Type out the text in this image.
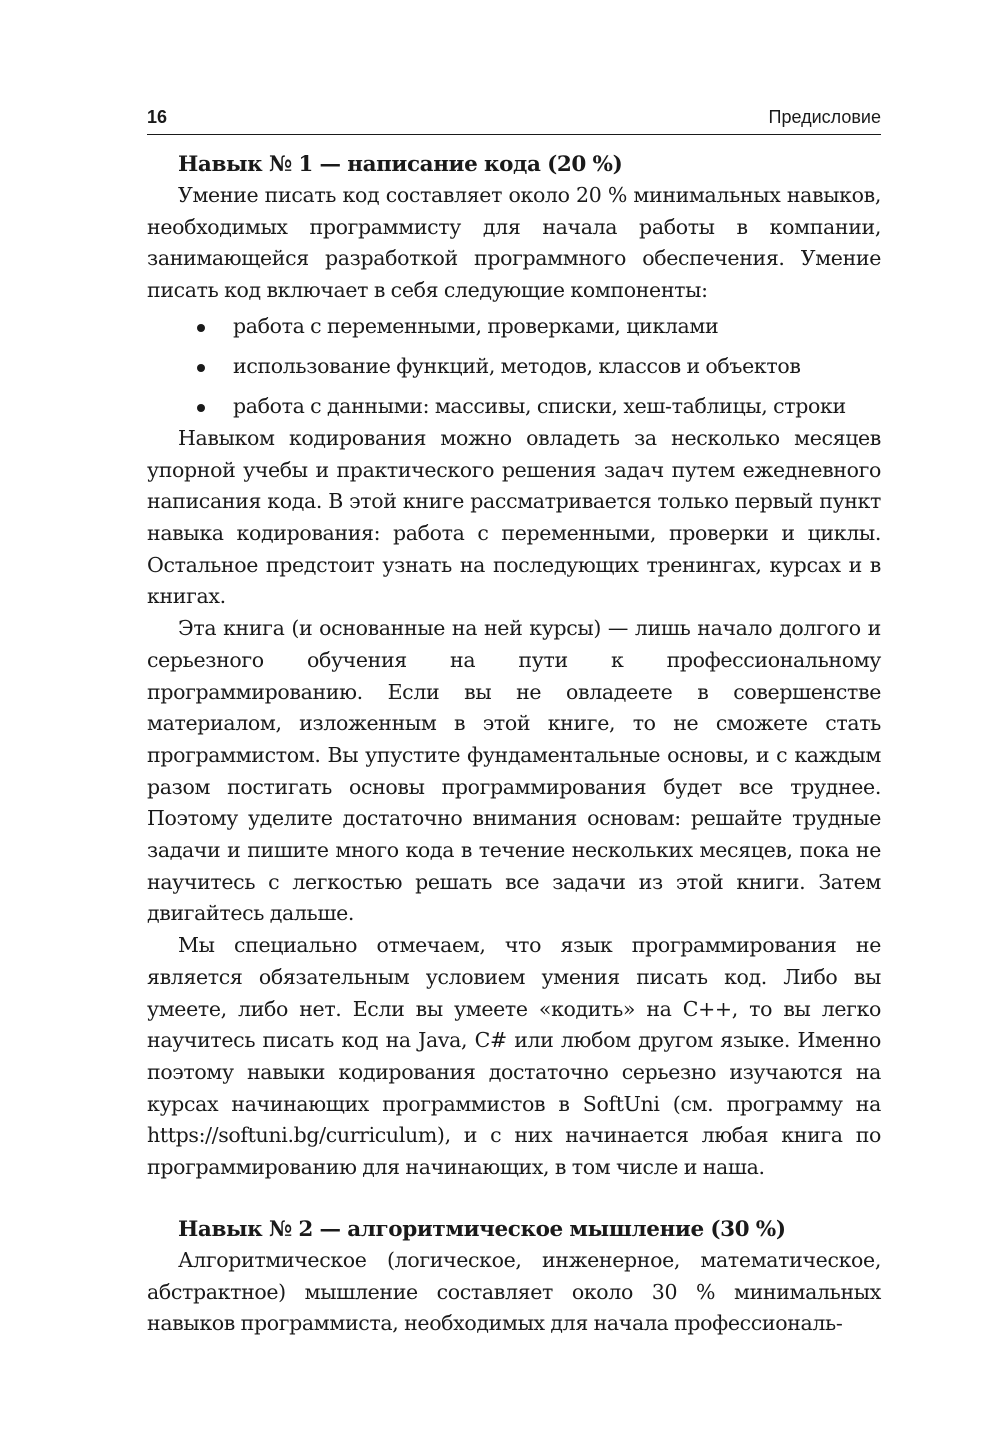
16	Предисловие
Навык № 1 — написание кода (20 %)

Умение писать код составляет около 20 % минимальных навыков, необходимых программисту для начала работы в компании, занимающейся разработкой программного обеспечения. Умение писать код включает в себя следующие компоненты:

работа с переменными, проверками, циклами
использование функций, методов, классов и объектов
работа с данными: массивы, списки, хеш-таблицы, строки

Навыком кодирования можно овладеть за несколько месяцев упорной учебы и практического решения задач путем ежедневного написания кода. В этой книге рассматривается только первый пункт навыка кодирования: работа с переменными, проверки и циклы. Остальное предстоит узнать на последующих тренингах, курсах и в книгах.

Эта книга (и основанные на ней курсы) — лишь начало долгого и серьезного обучения на пути к профессиональному программированию. Если вы не овладеете в совершенстве материалом, изложенным в этой книге, то не сможете стать программистом. Вы упустите фундаментальные основы, и с каждым разом постигать основы программирования будет все труднее. Поэтому уделите достаточно внимания основам: решайте трудные задачи и пишите много кода в течение нескольких месяцев, пока не научитесь с легкостью решать все задачи из этой книги. Затем двигайтесь дальше.

Мы специально отмечаем, что язык программирования не является обязательным условием умения писать код. Либо вы умеете, либо нет. Если вы умеете «кодить» на C++, то вы легко научитесь писать код на Java, C# или любом другом языке. Именно поэтому навыки кодирования достаточно серьезно изучаются на курсах начинающих программистов в SoftUni (см. программу на https://softuni.bg/curriculum), и с них начинается любая книга по программированию для начинающих, в том числе и наша.

Навык № 2 — алгоритмическое мышление (30 %)

Алгоритмическое (логическое, инженерное, математическое, абстрактное) мышление составляет около 30 % минимальных навыков программиста, необходимых для начала профессиональ-
